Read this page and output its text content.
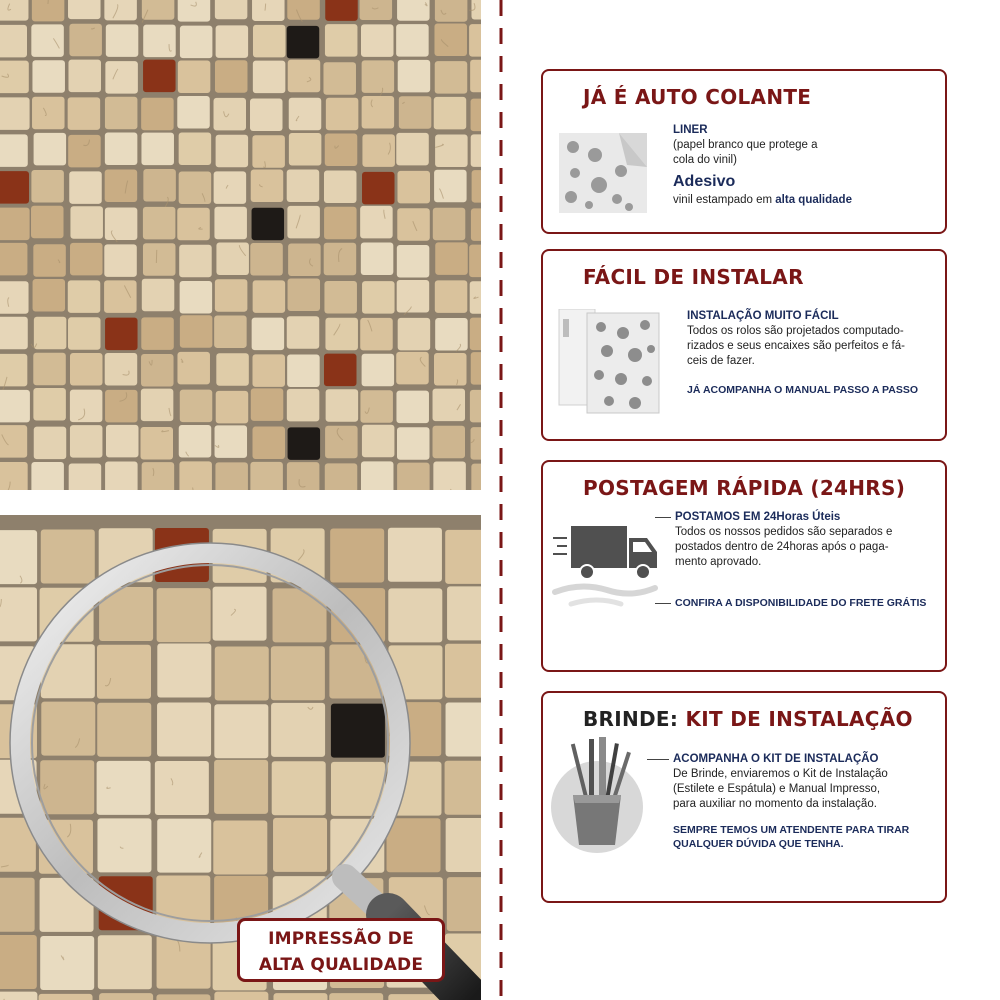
JÁ É AUTO COLANTE
LINER
(papel branco que protege a
cola do vinil)
Adesivo
vinil estampado em alta qualidade
FÁCIL DE INSTALAR
INSTALAÇÃO MUITO FÁCIL
Todos os rolos são projetados computado-
rizados e seus encaixes são perfeitos e fá-
ceis de fazer.
JÁ ACOMPANHA O MANUAL PASSO A PASSO
POSTAGEM RÁPIDA (24HRS)
POSTAMOS EM 24Horas Úteis
Todos os nossos pedidos são separados e
postados dentro de 24horas após o paga-
mento aprovado.
CONFIRA A DISPONIBILIDADE DO FRETE GRÁTIS
BRINDE: KIT DE INSTALAÇÃO
ACOMPANHA O KIT DE INSTALAÇÃO
De Brinde, enviaremos o Kit de Instalação
(Estilete e Espátula) e Manual Impresso,
para auxiliar no momento da instalação.
SEMPRE TEMOS UM ATENDENTE PARA TIRAR
QUALQUER DÚVIDA QUE TENHA.
IMPRESSÃO DE
ALTA QUALIDADE
